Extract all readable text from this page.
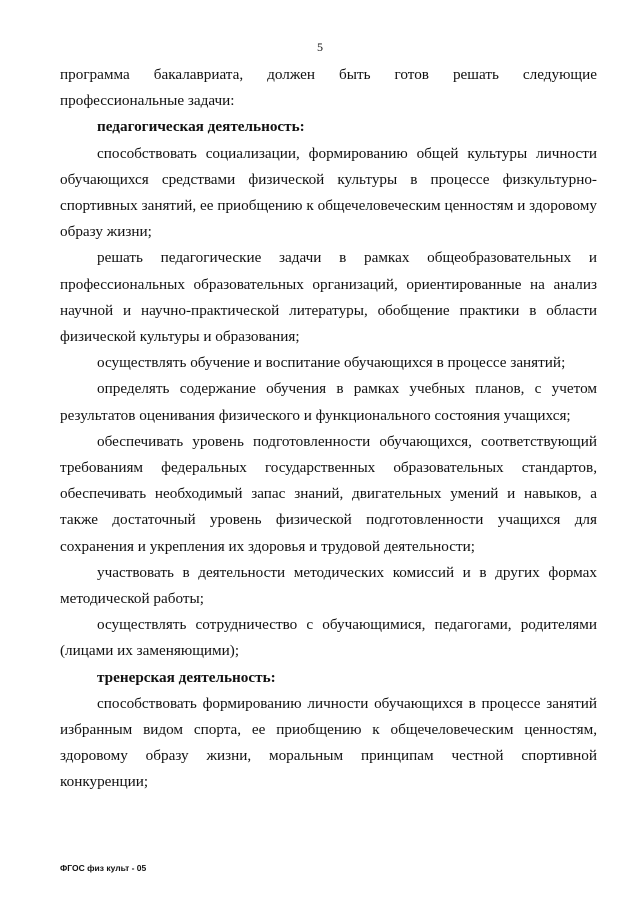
5

программа бакалавриата, должен быть готов решать следующие профессиональные задачи:

педагогическая деятельность:

способствовать социализации, формированию общей культуры личности обучающихся средствами физической культуры в процессе физкультурно-спортивных занятий, ее приобщению к общечеловеческим ценностям и здоровому образу жизни;

решать педагогические задачи в рамках общеобразовательных и профессиональных образовательных организаций, ориентированные на анализ научной и научно-практической литературы, обобщение практики в области физической культуры и образования;

осуществлять обучение и воспитание обучающихся в процессе занятий;

определять содержание обучения в рамках учебных планов, с учетом результатов оценивания физического и функционального состояния учащихся;

обеспечивать уровень подготовленности обучающихся, соответствующий требованиям федеральных государственных образовательных стандартов, обеспечивать необходимый запас знаний, двигательных умений и навыков, а также достаточный уровень физической подготовленности учащихся для сохранения и укрепления их здоровья и трудовой деятельности;

участвовать в деятельности методических комиссий и в других формах методической работы;

осуществлять сотрудничество с обучающимися, педагогами, родителями (лицами их заменяющими);

тренерская деятельность:

способствовать формированию личности обучающихся в процессе занятий избранным видом спорта, ее приобщению к общечеловеческим ценностям, здоровому образу жизни, моральным принципам честной спортивной конкуренции;

ФГОС физ культ - 05
